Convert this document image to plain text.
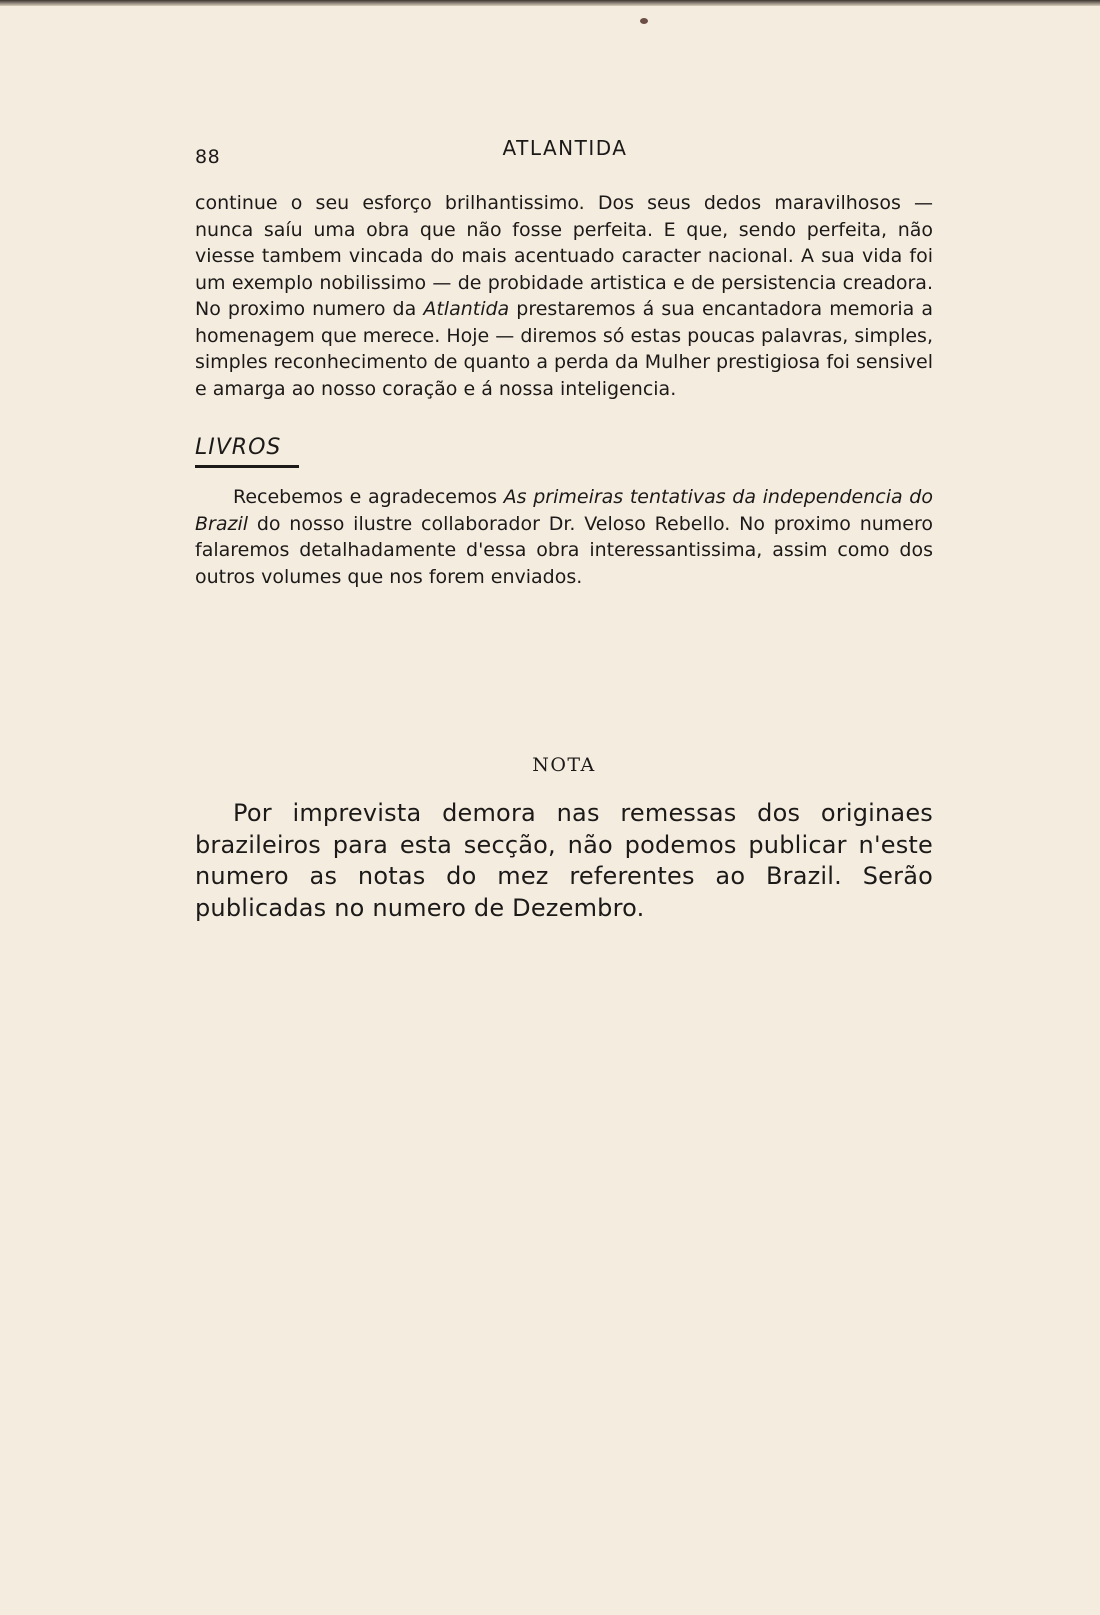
88	ATLANTIDA

continue o seu esforço brilhantissimo. Dos seus dedos maravilhosos — nunca saíu uma obra que não fosse perfeita. E que, sendo perfeita, não viesse tambem vincada do mais acentuado caracter nacional. A sua vida foi um exemplo nobilissimo — de probidade artistica e de persistencia creadora. No proximo numero da Atlantida prestaremos á sua encantadora memoria a homenagem que merece. Hoje — diremos só estas poucas palavras, simples, simples reconhecimento de quanto a perda da Mulher prestigiosa foi sensivel e amarga ao nosso coração e á nossa inteligencia.

LIVROS

Recebemos e agradecemos As primeiras tentativas da independencia do Brazil do nosso ilustre collaborador Dr. Veloso Rebello. No proximo numero falaremos detalhadamente d'essa obra interessantissima, assim como dos outros volumes que nos forem enviados.

NOTA

Por imprevista demora nas remessas dos originaes brazileiros para esta secção, não podemos publicar n'este numero as notas do mez referentes ao Brazil. Serão publicadas no numero de Dezembro.
